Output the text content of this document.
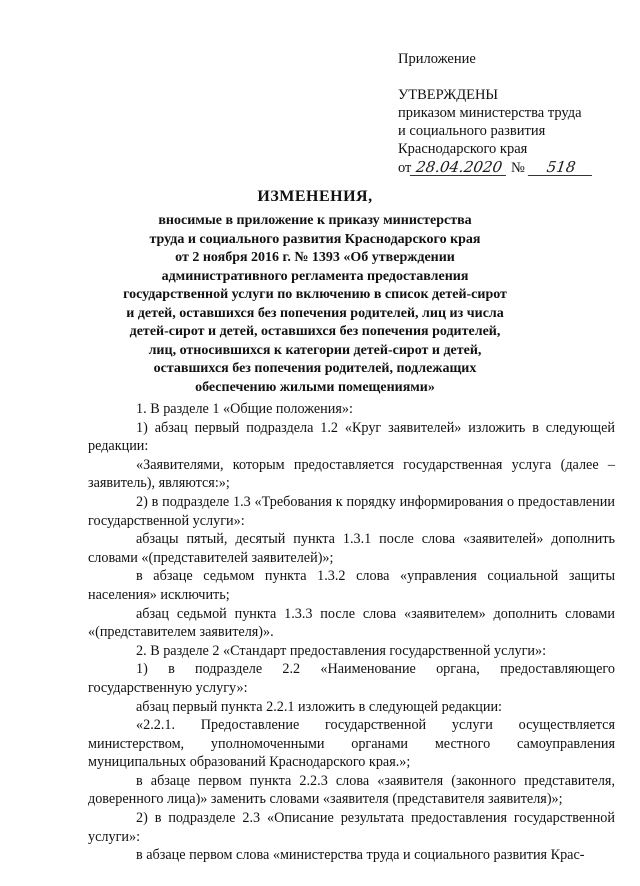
Приложение
УТВЕРЖДЕНЫ
приказом министерства труда
и социального развития
Краснодарского края
от 28.04.2020 № 518
ИЗМЕНЕНИЯ,
вносимые в приложение к приказу министерства
труда и социального развития Краснодарского края
от 2 ноября 2016 г. № 1393 «Об утверждении
административного регламента предоставления
государственной услуги по включению в список детей-сирот
и детей, оставшихся без попечения родителей, лиц из числа
детей-сирот и детей, оставшихся без попечения родителей,
лиц, относившихся к категории детей-сирот и детей,
оставшихся без попечения родителей, подлежащих
обеспечению жилыми помещениями»

1. В разделе 1 «Общие положения»:

1) абзац первый подраздела 1.2 «Круг заявителей» изложить в следующей редакции:

«Заявителями, которым предоставляется государственная услуга (далее – заявитель), являются:»;

2) в подразделе 1.3 «Требования к порядку информирования о предоставлении государственной услуги»:

абзацы пятый, десятый пункта 1.3.1 после слова «заявителей» дополнить словами «(представителей заявителей)»;

в абзаце седьмом пункта 1.3.2 слова «управления социальной защиты населения» исключить;

абзац седьмой пункта 1.3.3 после слова «заявителем» дополнить словами «(представителем заявителя)».

2. В разделе 2 «Стандарт предоставления государственной услуги»:

1) в подразделе 2.2 «Наименование органа, предоставляющего государственную услугу»:

абзац первый пункта 2.2.1 изложить в следующей редакции:

«2.2.1. Предоставление государственной услуги осуществляется министерством, уполномоченными органами местного самоуправления муниципальных образований Краснодарского края.»;

в абзаце первом пункта 2.2.3 слова «заявителя (законного представителя, доверенного лица)» заменить словами «заявителя (представителя заявителя)»;

2) в подразделе 2.3 «Описание результата предоставления государственной услуги»:

в абзаце первом слова «министерства труда и социального развития Крас-
